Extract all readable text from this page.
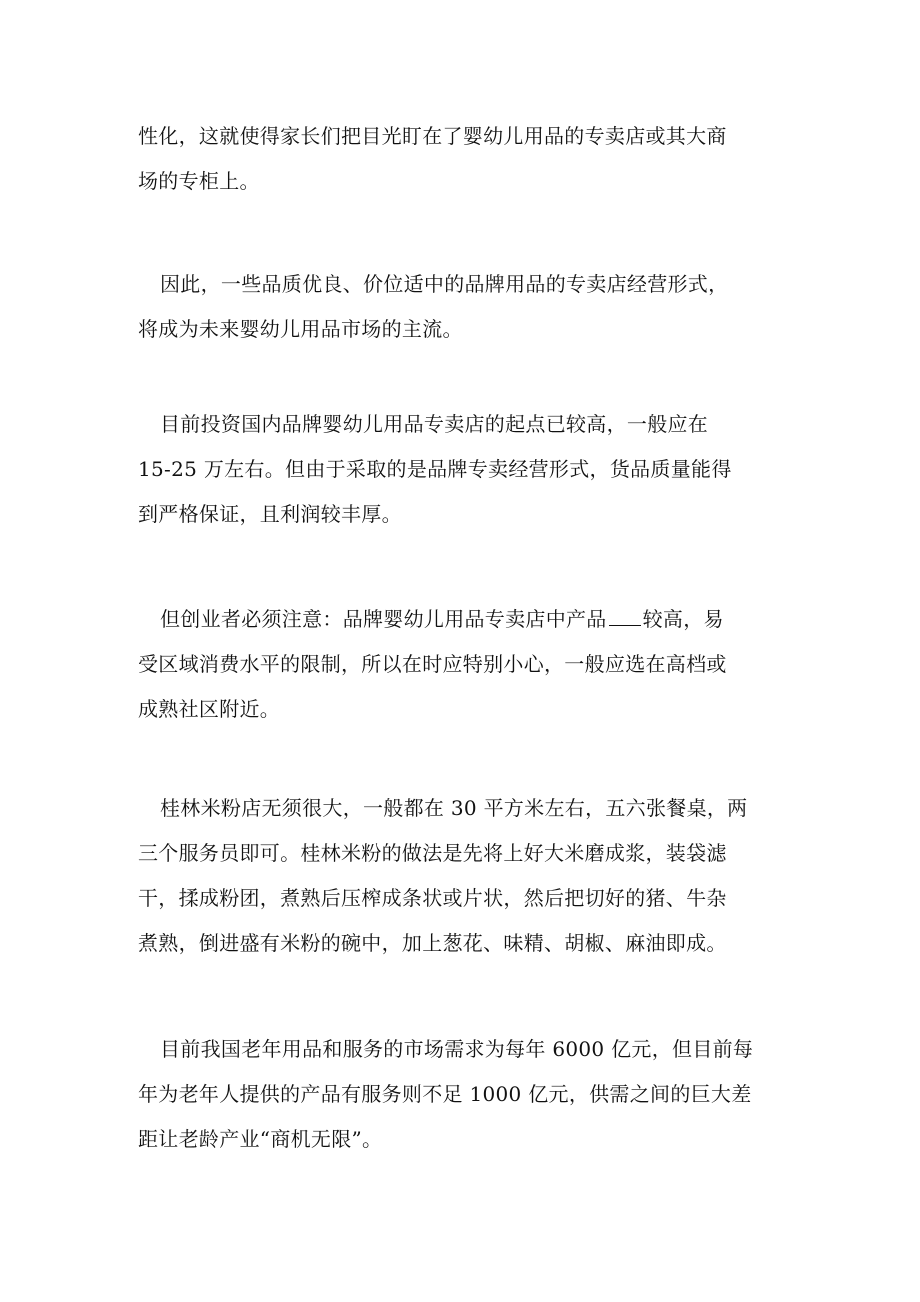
性化，这就使得家长们把目光盯在了婴幼儿用品的专卖店或其大商
场的专柜上。
因此，一些品质优良、价位适中的品牌用品的专卖店经营形式，
将成为未来婴幼儿用品市场的主流。
目前投资国内品牌婴幼儿用品专卖店的起点已较高，一般应在
15-25 万左右。但由于采取的是品牌专卖经营形式，货品质量能得
到严格保证，且利润较丰厚。
但创业者必须注意：品牌婴幼儿用品专卖店中产品 较高，易
受区域消费水平的限制，所以在时应特别小心，一般应选在高档或
成熟社区附近。
桂林米粉店无须很大，一般都在 30 平方米左右，五六张餐桌，两
三个服务员即可。桂林米粉的做法是先将上好大米磨成浆，装袋滤
干，揉成粉团，煮熟后压榨成条状或片状，然后把切好的猪、牛杂
煮熟，倒进盛有米粉的碗中，加上葱花、味精、胡椒、麻油即成。
目前我国老年用品和服务的市场需求为每年 6000 亿元，但目前每
年为老年人提供的产品有服务则不足 1000 亿元，供需之间的巨大差
距让老龄产业“商机无限”。
